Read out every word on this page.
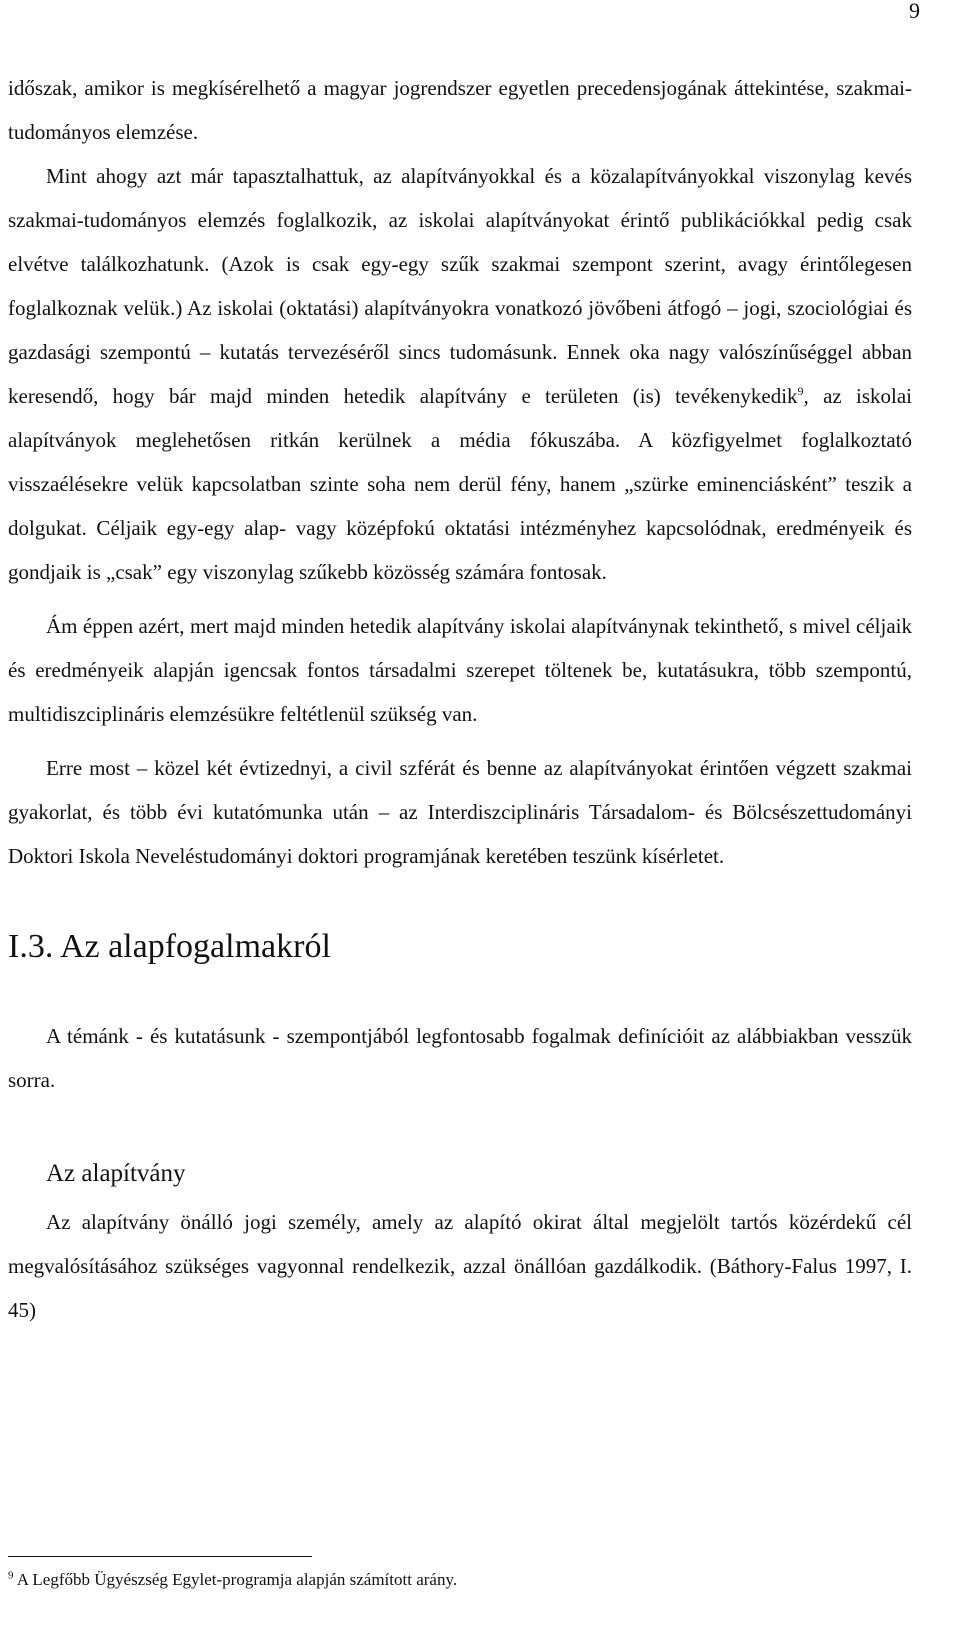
9

időszak, amikor is megkísérelhető a magyar jogrendszer egyetlen precedensjogának áttekintése, szakmai-tudományos elemzése.

Mint ahogy azt már tapasztalhattuk, az alapítványokkal és a közalapítványokkal viszonylag kevés szakmai-tudományos elemzés foglalkozik, az iskolai alapítványokat érintő publikációkkal pedig csak elvétve találkozhatunk. (Azok is csak egy-egy szűk szakmai szempont szerint, avagy érintőlegesen foglalkoznak velük.) Az iskolai (oktatási) alapítványokra vonatkozó jövőbeni átfogó – jogi, szociológiai és gazdasági szempontú – kutatás tervezéséről sincs tudomásunk. Ennek oka nagy valószínűséggel abban keresendő, hogy bár majd minden hetedik alapítvány e területen (is) tevékenykedik$^9$, az iskolai alapítványok meglehetősen ritkán kerülnek a média fókuszába. A közfigyelmet foglalkoztató visszaélésekre velük kapcsolatban szinte soha nem derül fény, hanem „szürke eminenciásként” teszik a dolgukat. Céljaik egy-egy alap- vagy középfokú oktatási intézményhez kapcsolódnak, eredményeik és gondjaik is „csak” egy viszonylag szűkebb közösség számára fontosak.

Ám éppen azért, mert majd minden hetedik alapítvány iskolai alapítványnak tekinthető, s mivel céljaik és eredményeik alapján igencsak fontos társadalmi szerepet töltenek be, kutatásukra, több szempontú, multidiszciplináris elemzésükre feltétlenül szükség van.

Erre most – közel két évtizednyi, a civil szférát és benne az alapítványokat érintően végzett szakmai gyakorlat, és több évi kutatómunka után – az Interdiszciplináris Társadalom- és Bölcsészettudományi Doktori Iskola Neveléstudományi doktori programjának keretében teszünk kísérletet.

I.3. Az alapfogalmakról

A témánk - és kutatásunk - szempontjából legfontosabb fogalmak definícióit az alábbiakban vesszük sorra.

Az alapítvány

Az alapítvány önálló jogi személy, amely az alapító okirat által megjelölt tartós közérdekű cél megvalósításához szükséges vagyonnal rendelkezik, azzal önállóan gazdálkodik. (Báthory-Falus 1997, I. 45)

$^9$ A Legfőbb Ügyészség Egylet-programja alapján számított arány.
